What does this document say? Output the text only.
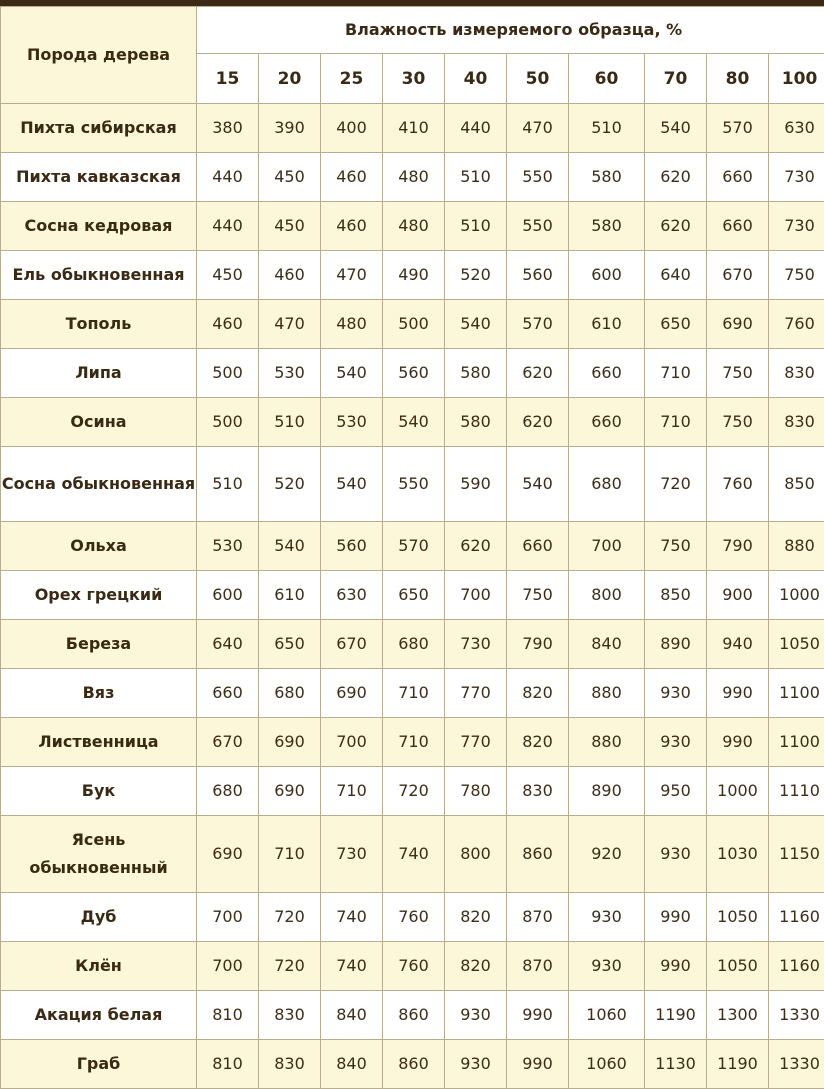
Порода дерева	Влажность измеряемого образца, %									
	15	20	25	30	40	50	60	70	80	100
Пихта сибирская	380	390	400	410	440	470	510	540	570	630
Пихта кавказская	440	450	460	480	510	550	580	620	660	730
Сосна кедровая	440	450	460	480	510	550	580	620	660	730
Ель обыкновенная	450	460	470	490	520	560	600	640	670	750
Тополь	460	470	480	500	540	570	610	650	690	760
Липа	500	530	540	560	580	620	660	710	750	830
Осина	500	510	530	540	580	620	660	710	750	830
Сосна обыкновенная	510	520	540	550	590	540	680	720	760	850
Ольха	530	540	560	570	620	660	700	750	790	880
Орех грецкий	600	610	630	650	700	750	800	850	900	1000
Береза	640	650	670	680	730	790	840	890	940	1050
Вяз	660	680	690	710	770	820	880	930	990	1100
Лиственница	670	690	700	710	770	820	880	930	990	1100
Бук	680	690	710	720	780	830	890	950	1000	1110
Ясень обыкновенный	690	710	730	740	800	860	920	930	1030	1150
Дуб	700	720	740	760	820	870	930	990	1050	1160
Клён	700	720	740	760	820	870	930	990	1050	1160
Акация белая	810	830	840	860	930	990	1060	1190	1300	1330
Граб	810	830	840	860	930	990	1060	1130	1190	1330
